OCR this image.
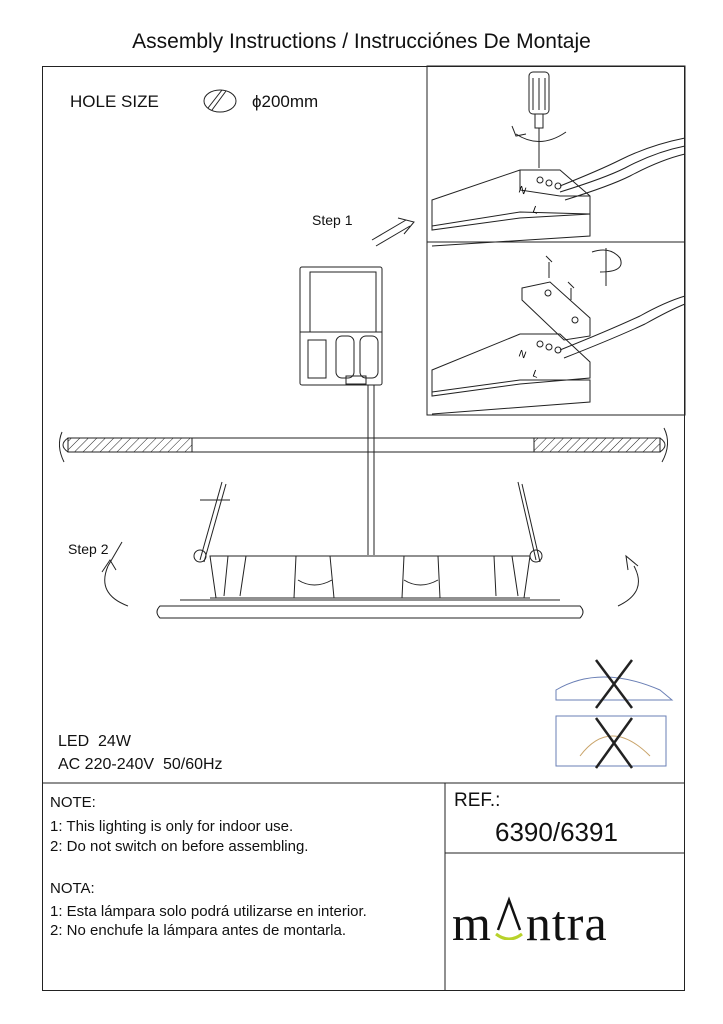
Assembly Instructions / Instrucciónes De Montaje
N
L
N
L
HOLE SIZE	ϕ200mm
Step 1
Step 2
LED  24W
AC 220-240V  50/60Hz
NOTE:
1: This lighting is only for indoor use.
2: Do not switch on before assembling.
NOTA:
1: Esta lámpara solo podrá utilizarse en interior.
2: No enchufe la lámpara antes de montarla.
REF.:
6390/6391
m ntra
